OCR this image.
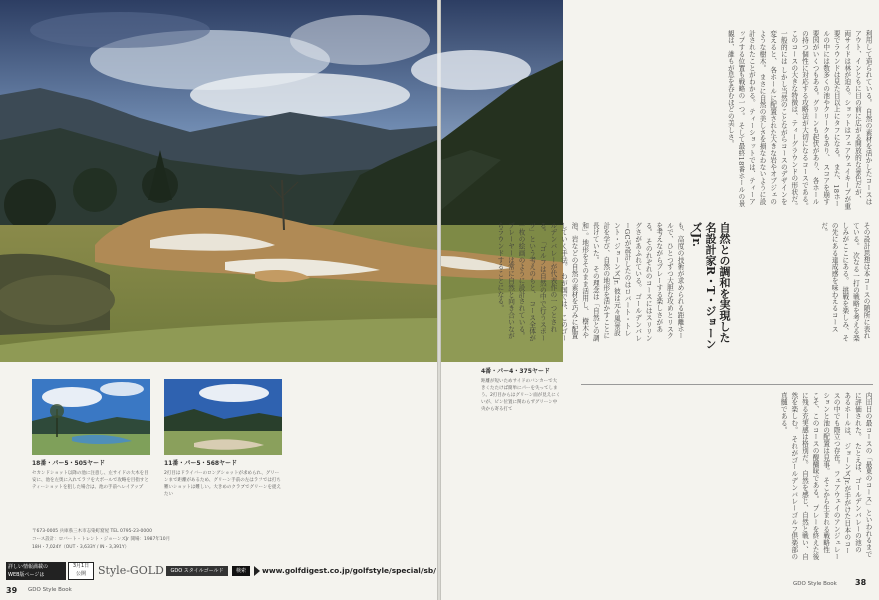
18番・パー5・505ヤード
セカンドショット以降の池に注意し、左サイドの大木を目安に、池を左奥に入れてラフを大ボールで攻略を目指すとティーショットを狙した場合は、池の手前へレイアップ
11番・パー5・568ヤード
2打目はドライバーのロングショットが求められ、グリーンまで距離があるため、グリーン手前の左はラフでは打ち難いショットは難しい。大きめのクラブでグリーンを捉えたい
〒673-0005 兵庫県三木市志染町窟屋 TEL 0795-23-0000
コース設計：ロバート・トレント・ジョーンズJr 開場：1987年10月
18H・7,024Y（OUT・3,633Y / IN・3,391Y）
詳しい情報満載の
WEB版ページは
3月1日
公開	Style-GOLD	GDO スタイルゴールド	検索	www.golfdigest.co.jp/golfstyle/special/sb/
39 GDO Style Book
4番・パー4・375ヤード
距離が短いためサイドのバンカーで大きくたたけば簡単にパーを失ってしまう。2打目からはグリーン面が見えにくいが、ピン位置に関わらずグリーン中央から寄る打て
利用して造られている。 自然の素材を活かしたコースはアウト、インともに目の前に広がる開放的な景色だが、 両サイドは林が迫る。ショットはフェアウェイキープが重要でラウンドは見た目以上にタフになる。 また、18ホールの中には数多くの池やクリークもあり、 スコアを崩す要因がいくつもある。グリーンも起伏があり、 各ホールの持つ個性に対応する攻略法が大切になるコースである。 このコースの大きな特徴は、ティーグラウンドの形状だ。一般的には しかし当然のことながらコースのデザインを変えると、 各ホールに配置された大きな岩やオブジェのような樹木。 まさに自然の美しさを損なわないように設計されたことがわかる。 ティーショットでは、ティーアップする位置も戦略の一つ。 そして最終18番ホールの景観は、誰もが息を呑むほどの美しさ。
自然との調和を実現した
名設計家R・T・ジョーンズJr.
も、高度の技術が求められる距離ホールで、ひとつずつ大胆な攻めとリスクを考えながらプレーする楽しさがある。 そのれぞれのコースにはスリリングさがあふれている。 ゴールデンバレーGCが設計したのはロバート・トレント・ジョーンズJr. 彼は元々風景設計を学び、自然の地形を活かすことに長けていた。 その理念は「自然との調和」。地形をそのまま活用し、 樹木や池、岩などの自然の素材を巧みに配置していく手法。 わが国では、このゴールデンバレーが代表作の一つとされる。 「ゴルフは自然の中で行うスポーツ」という考えのもと、 コース全体が一枚の絵画のように設計されている。 プレーヤーは常に自然と向き合いながらラウンドすることになる。	その設計思想は本コースの随所に表れている。 次なる一打の戦略を考える楽しみがここにある。 挑戦を楽しみ、その先にある達成感を味わえるコースだ。
内田日の最コースの「最東のコース」といわれるまでに評価された。 たとえば、ゴールデンバレーの池のあるホールは、 ジョーンズJr.が手がけた日本のコースの中でも際立つ存在。 フェアウェイのアンジュレーションと池の配置は見事。 そこから生まれる戦略性こそ、このコースの醍醐味である。 プレーを終えた後に残る充実感は格別だ。 自然を感じ、自然と戦い、自然を楽しむ。 それがゴールデンバレーゴルフ倶楽部の真髄である。
GDO Style Book 38
